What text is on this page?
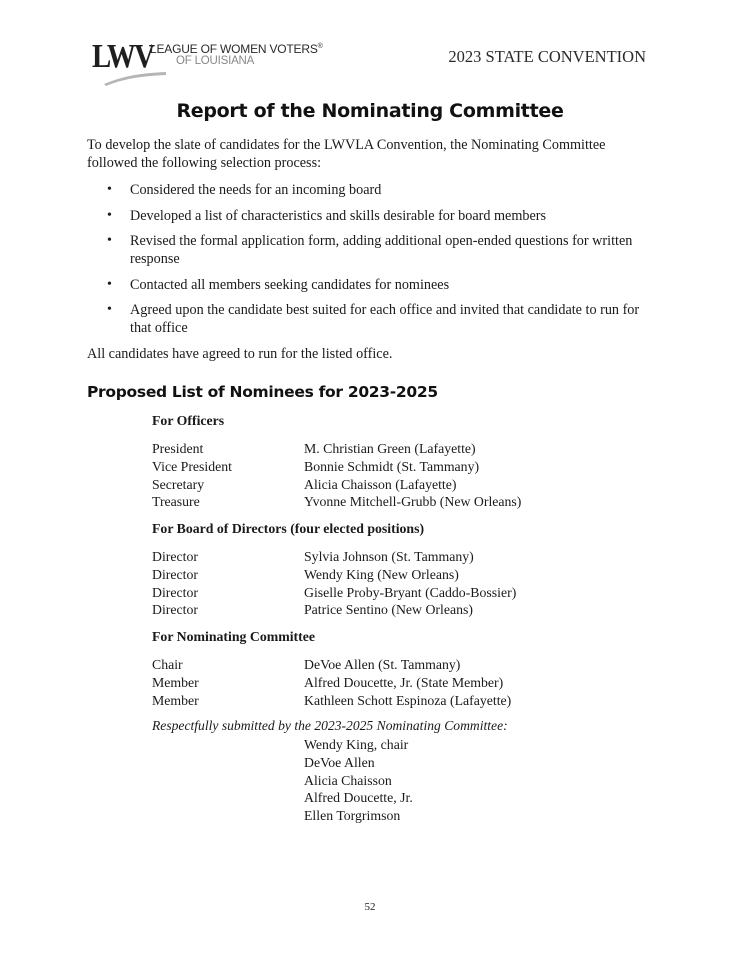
LWV
LEAGUE OF WOMEN VOTERS®
OF LOUISIANA	2023 STATE CONVENTION
Report of the Nominating Committee

To develop the slate of candidates for the LWVLA Convention, the Nominating Committee followed the following selection process:

• Considered the needs for an incoming board
• Developed a list of characteristics and skills desirable for board members
• Revised the formal application form, adding additional open-ended questions for written response
• Contacted all members seeking candidates for nominees
• Agreed upon the candidate best suited for each office and invited that candidate to run for that office

All candidates have agreed to run for the listed office.

Proposed List of Nominees for 2023-2025
For Officers
President	M. Christian Green (Lafayette)
Vice President	Bonnie Schmidt (St. Tammany)
Secretary	Alicia Chaisson (Lafayette)
Treasure	Yvonne Mitchell-Grubb (New Orleans)
For Board of Directors (four elected positions)
Director	Sylvia Johnson (St. Tammany)
Director	Wendy King (New Orleans)
Director	Giselle Proby-Bryant (Caddo-Bossier)
Director	Patrice Sentino (New Orleans)
For Nominating Committee
Chair	DeVoe Allen (St. Tammany)
Member	Alfred Doucette, Jr. (State Member)
Member	Kathleen Schott Espinoza (Lafayette)
Respectfully submitted by the 2023-2025 Nominating Committee:
Wendy King, chair
DeVoe Allen
Alicia Chaisson
Alfred Doucette, Jr.
Ellen Torgrimson
52
